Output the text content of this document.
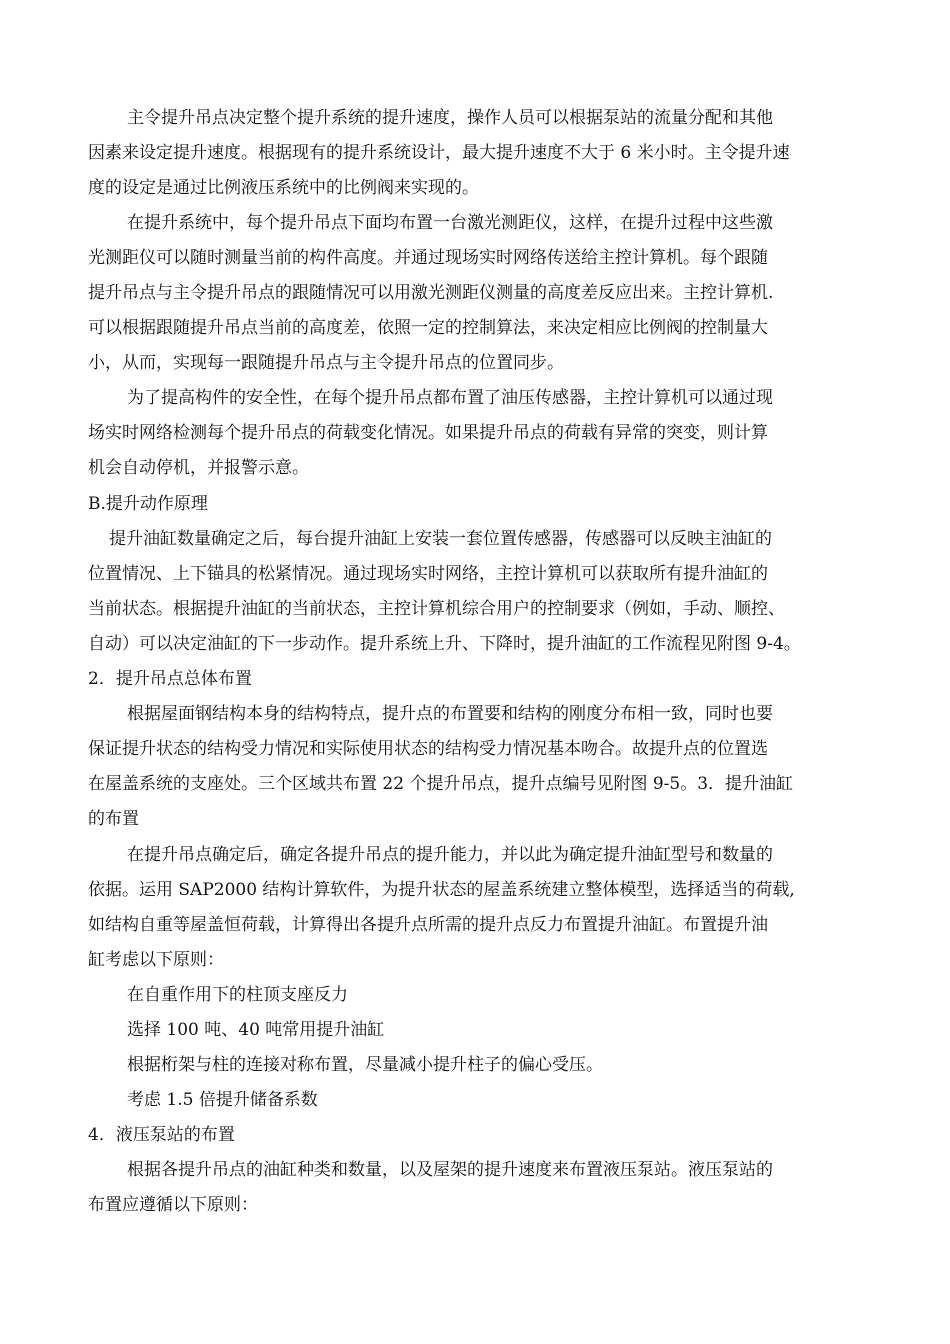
主令提升吊点决定整个提升系统的提升速度，操作人员可以根据泵站的流量分配和其他
因素来设定提升速度。根据现有的提升系统设计，最大提升速度不大于 6 米小时。主令提升速
度的设定是通过比例液压系统中的比例阀来实现的。
在提升系统中，每个提升吊点下面均布置一台激光测距仪，这样，在提升过程中这些激
光测距仪可以随时测量当前的构件高度。并通过现场实时网络传送给主控计算机。每个跟随
提升吊点与主令提升吊点的跟随情况可以用激光测距仪测量的高度差反应出来。主控计算机.
可以根据跟随提升吊点当前的高度差，依照一定的控制算法，来决定相应比例阀的控制量大
小，从而，实现每一跟随提升吊点与主令提升吊点的位置同步。
为了提高构件的安全性，在每个提升吊点都布置了油压传感器，主控计算机可以通过现
场实时网络检测每个提升吊点的荷载变化情况。如果提升吊点的荷载有异常的突变，则计算
机会自动停机，并报警示意。
B.提升动作原理
提升油缸数量确定之后，每台提升油缸上安装一套位置传感器，传感器可以反映主油缸的
位置情况、上下锚具的松紧情况。通过现场实时网络，主控计算机可以获取所有提升油缸的
当前状态。根据提升油缸的当前状态，主控计算机综合用户的控制要求（例如，手动、顺控、
自动）可以决定油缸的下一步动作。提升系统上升、下降时，提升油缸的工作流程见附图 9-4。
2．提升吊点总体布置
根据屋面钢结构本身的结构特点，提升点的布置要和结构的刚度分布相一致，同时也要
保证提升状态的结构受力情况和实际使用状态的结构受力情况基本吻合。故提升点的位置选
在屋盖系统的支座处。三个区域共布置 22 个提升吊点，提升点编号见附图 9-5。3．提升油缸
的布置
在提升吊点确定后，确定各提升吊点的提升能力，并以此为确定提升油缸型号和数量的
依据。运用 SAP2000 结构计算软件，为提升状态的屋盖系统建立整体模型，选择适当的荷载,
如结构自重等屋盖恒荷载，计算得出各提升点所需的提升点反力布置提升油缸。布置提升油
缸考虑以下原则：
在自重作用下的柱顶支座反力
选择 100 吨、40 吨常用提升油缸
根据桁架与柱的连接对称布置，尽量减小提升柱子的偏心受压。
考虑 1.5 倍提升储备系数
4．液压泵站的布置
根据各提升吊点的油缸种类和数量，以及屋架的提升速度来布置液压泵站。液压泵站的
布置应遵循以下原则：
